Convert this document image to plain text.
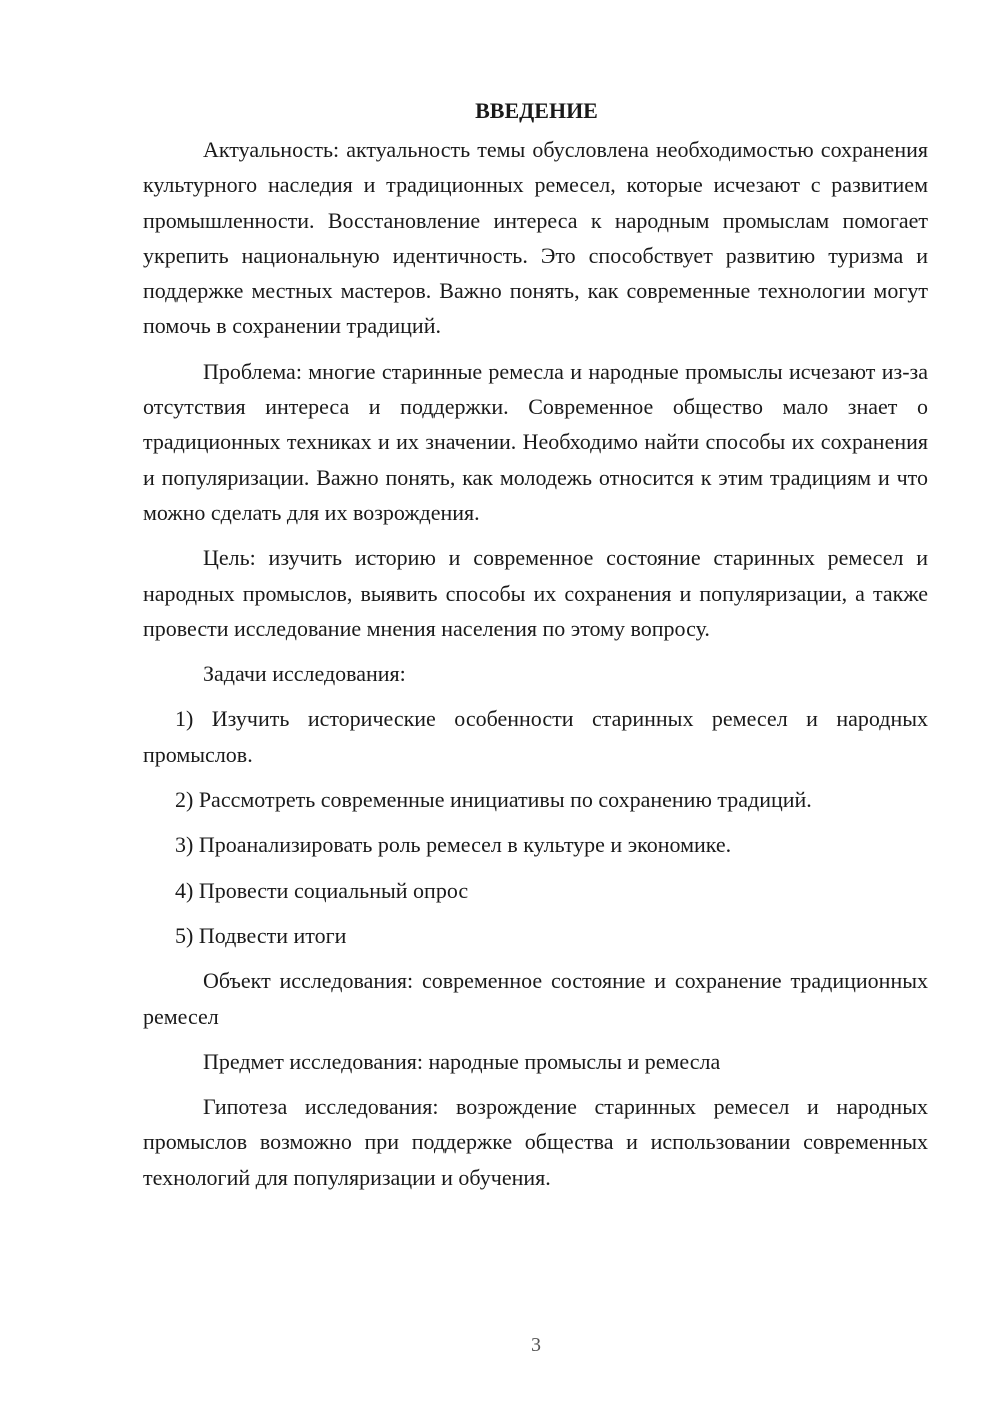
ВВЕДЕНИЕ

Актуальность: актуальность темы обусловлена необходимостью сохранения культурного наследия и традиционных ремесел, которые исчезают с развитием промышленности. Восстановление интереса к народным промыслам помогает укрепить национальную идентичность. Это способствует развитию туризма и поддержке местных мастеров. Важно понять, как современные технологии могут помочь в сохранении традиций.

Проблема: многие старинные ремесла и народные промыслы исчезают из-за отсутствия интереса и поддержки. Современное общество мало знает о традиционных техниках и их значении. Необходимо найти способы их сохранения и популяризации. Важно понять, как молодежь относится к этим традициям и что можно сделать для их возрождения.

Цель: изучить историю и современное состояние старинных ремесел и народных промыслов, выявить способы их сохранения и популяризации, а также провести исследование мнения населения по этому вопросу.

Задачи исследования:

1) Изучить исторические особенности старинных ремесел и народных промыслов.

2) Рассмотреть современные инициативы по сохранению традиций.

3) Проанализировать роль ремесел в культуре и экономике.

4) Провести социальный опрос

5) Подвести итоги

Объект исследования: современное состояние и сохранение традиционных ремесел

Предмет исследования: народные промыслы и ремесла

Гипотеза исследования: возрождение старинных ремесел и народных промыслов возможно при поддержке общества и использовании современных технологий для популяризации и обучения.

3
